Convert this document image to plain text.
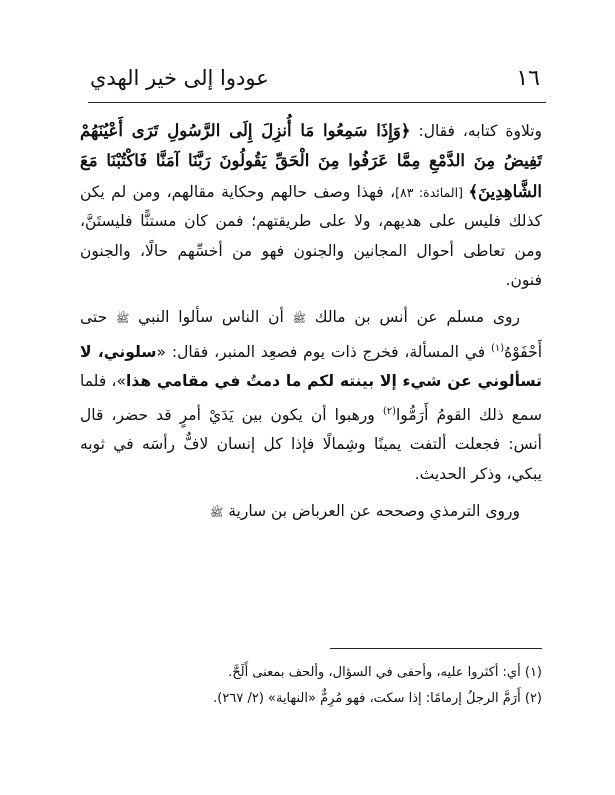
١٦
عودوا إلى خير الهدي

وتلاوة كتابه، فقال: ﴿وَإِذَا سَمِعُوا مَا أُنزِلَ إِلَى الرَّسُولِ تَرَى أَعْيُنَهُمْ تَفِيضُ مِنَ الدَّمْعِ مِمَّا عَرَفُوا مِنَ الْحَقِّ يَقُولُونَ رَبَّنَا آمَنَّا فَاكْتُبْنَا مَعَ الشَّاهِدِينَ﴾ [المائدة: ٨٣]، فهذا وصف حالهم وحكاية مقالهم، ومن لم يكن كذلك فليس على هديهم، ولا على طريقتهم؛ فمن كان مستنًّا فليستَنَّ، ومن تعاطى أحوال المجانين والجنون فهو من أخسِّهم حالًا، والجنون فنون.

روى مسلم عن أنس بن مالك ﷺ أن الناس سألوا النبي ﷺ حتى أَحْفَوْهُ$^{(١)}$ في المسألة، فخرج ذات يوم فصعِد المنبر، فقال: «سلوني، لا تسألوني عن شيء إلا بينته لكم ما دمتُ في مقامي هذا»، فلما سمع ذلك القومُ أَرَمُّوا$^{(٢)}$ ورهبوا أن يكون بين يَدَيْ أمرٍ قد حضر، قال أنس: فجعلت ألتفت يمينًا وشِمالًا فإذا كل إنسان لافٌّ رأسَه في ثوبه يبكي، وذكر الحديث.

وروى الترمذي وصححه عن العرباض بن سارية ﷺ

(١) أي: أكثروا عليه، وأحفى في السؤال، وألحف بمعنى أَلَحَّ.

(٢) أَرَمَّ الرجلُ إرمامًا: إذا سكت، فهو مُرِمٌّ «النهاية» (٢/ ٢٦٧).
